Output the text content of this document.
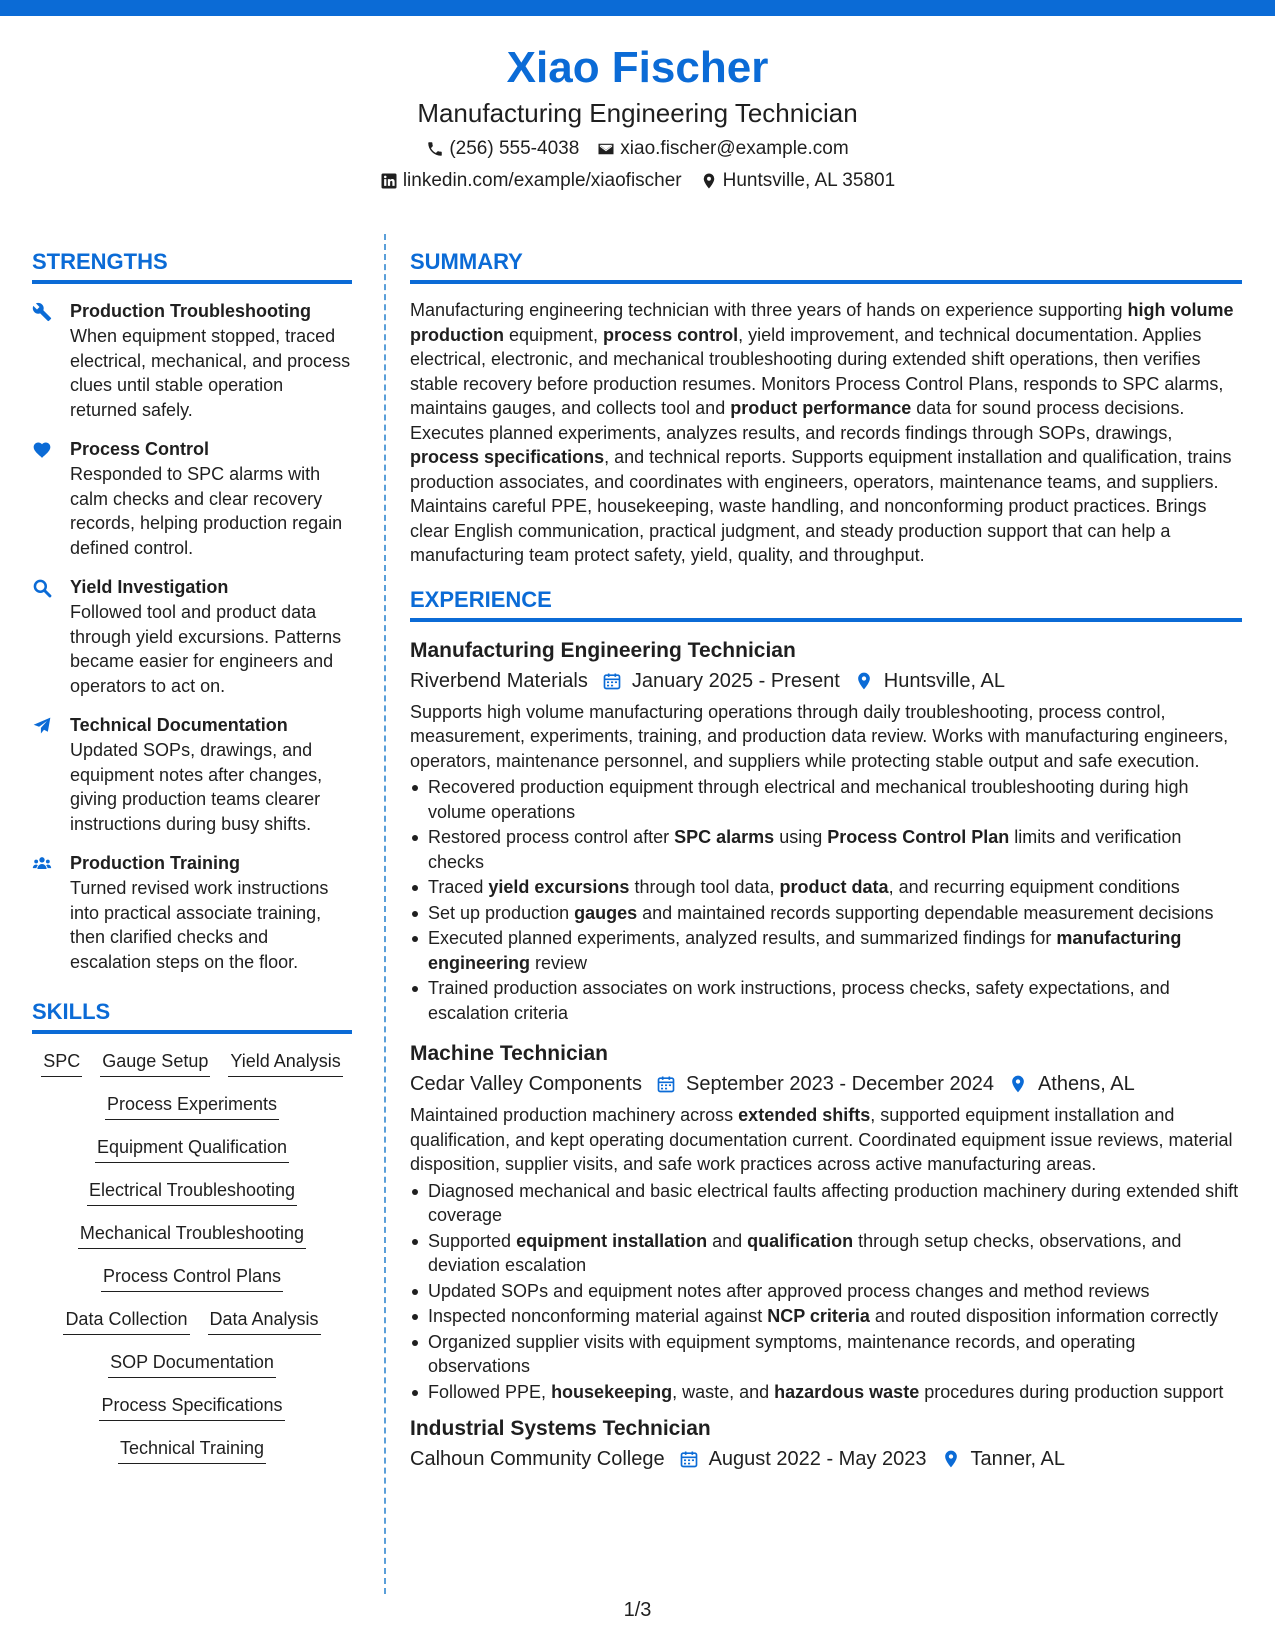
Xiao Fischer
Manufacturing Engineering Technician
(256) 555-4038 xiao.fischer@example.com
linkedin.com/example/xiaofischer Huntsville, AL 35801
STRENGTHS
Production Troubleshooting
When equipment stopped, traced electrical, mechanical, and process clues until stable operation returned safely.
Process Control
Responded to SPC alarms with calm checks and clear recovery records, helping production regain defined control.
Yield Investigation
Followed tool and product data through yield excursions. Patterns became easier for engineers and operators to act on.
Technical Documentation
Updated SOPs, drawings, and equipment notes after changes, giving production teams clearer instructions during busy shifts.
Production Training
Turned revised work instructions into practical associate training, then clarified checks and escalation steps on the floor.
SKILLS
SPC Gauge Setup Yield Analysis
Process Experiments
Equipment Qualification
Electrical Troubleshooting
Mechanical Troubleshooting
Process Control Plans
Data Collection Data Analysis
SOP Documentation
Process Specifications
Technical Training
SUMMARY

Manufacturing engineering technician with three years of hands on experience supporting high volume production equipment, process control, yield improvement, and technical documentation. Applies electrical, electronic, and mechanical troubleshooting during extended shift operations, then verifies stable recovery before production resumes. Monitors Process Control Plans, responds to SPC alarms, maintains gauges, and collects tool and product performance data for sound process decisions. Executes planned experiments, analyzes results, and records findings through SOPs, drawings, process specifications, and technical reports. Supports equipment installation and qualification, trains production associates, and coordinates with engineers, operators, maintenance teams, and suppliers. Maintains careful PPE, housekeeping, waste handling, and nonconforming product practices. Brings clear English communication, practical judgment, and steady production support that can help a manufacturing team protect safety, yield, quality, and throughput.

EXPERIENCE
Manufacturing Engineering Technician
Riverbend Materials January 2025 - Present Huntsville, AL

Supports high volume manufacturing operations through daily troubleshooting, process control, measurement, experiments, training, and production data review. Works with manufacturing engineers, operators, maintenance personnel, and suppliers while protecting stable output and safe execution.

Recovered production equipment through electrical and mechanical troubleshooting during high volume operations
Restored process control after SPC alarms using Process Control Plan limits and verification checks
Traced yield excursions through tool data, product data, and recurring equipment conditions
Set up production gauges and maintained records supporting dependable measurement decisions
Executed planned experiments, analyzed results, and summarized findings for manufacturing engineering review
Trained production associates on work instructions, process checks, safety expectations, and escalation criteria
Machine Technician
Cedar Valley Components September 2023 - December 2024 Athens, AL

Maintained production machinery across extended shifts, supported equipment installation and qualification, and kept operating documentation current. Coordinated equipment issue reviews, material disposition, supplier visits, and safe work practices across active manufacturing areas.

Diagnosed mechanical and basic electrical faults affecting production machinery during extended shift coverage
Supported equipment installation and qualification through setup checks, observations, and deviation escalation
Updated SOPs and equipment notes after approved process changes and method reviews
Inspected nonconforming material against NCP criteria and routed disposition information correctly
Organized supplier visits with equipment symptoms, maintenance records, and operating observations
Followed PPE, housekeeping, waste, and hazardous waste procedures during production support
Industrial Systems Technician
Calhoun Community College August 2022 - May 2023 Tanner, AL
1/3
